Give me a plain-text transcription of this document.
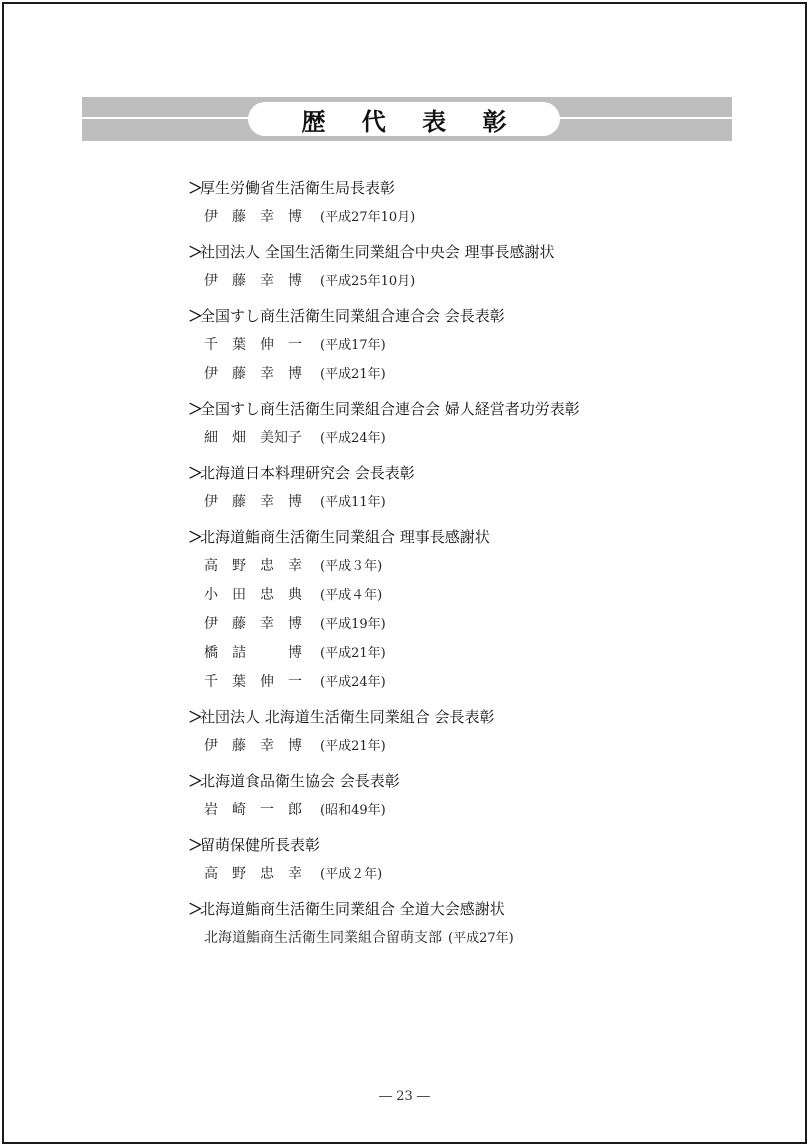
歴 代 表 彰
＞厚生労働省生活衛生局長表彰
伊　藤　幸　博 (平成27年10月)
＞社団法人 全国生活衛生同業組合中央会 理事長感謝状
伊　藤　幸　博 (平成25年10月)
＞全国すし商生活衛生同業組合連合会 会長表彰
千　葉　伸　一 (平成17年)
伊　藤　幸　博 (平成21年)
＞全国すし商生活衛生同業組合連合会 婦人経営者功労表彰
細　畑　美知子 (平成24年)
＞北海道日本料理研究会 会長表彰
伊　藤　幸　博 (平成11年)
＞北海道鮨商生活衛生同業組合 理事長感謝状
高　野　忠　幸 (平成３年)
小　田　忠　典 (平成４年)
伊　藤　幸　博 (平成19年)
橋　詰　　　博 (平成21年)
千　葉　伸　一 (平成24年)
＞社団法人 北海道生活衛生同業組合 会長表彰
伊　藤　幸　博 (平成21年)
＞北海道食品衛生協会 会長表彰
岩　崎　一　郎 (昭和49年)
＞留萌保健所長表彰
高　野　忠　幸 (平成２年)
＞北海道鮨商生活衛生同業組合 全道大会感謝状
北海道鮨商生活衛生同業組合留萌支部 (平成27年)
― 23 ―
